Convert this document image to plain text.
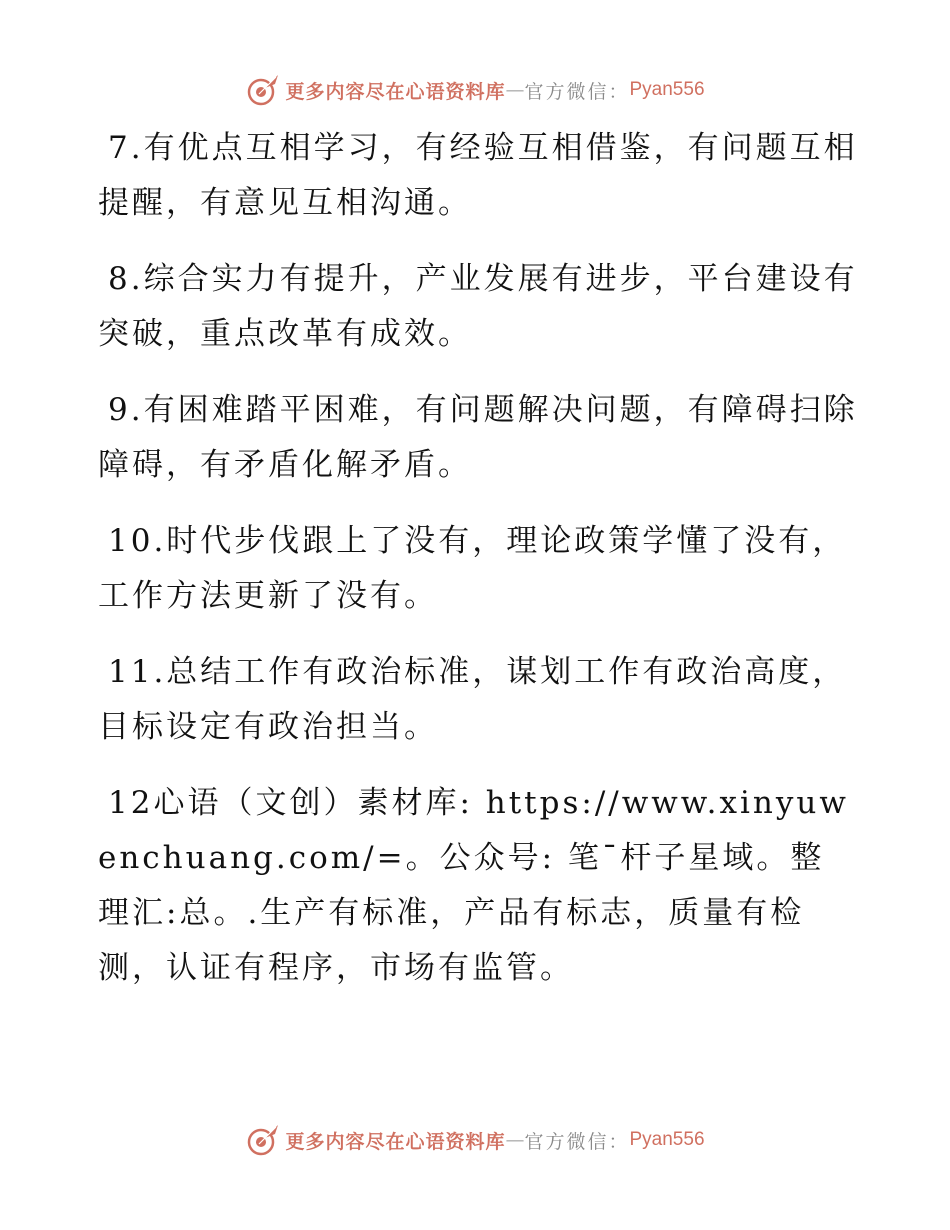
更多内容尽在心语资料库 — 官方微信： Pyan556

7.有优点互相学习，有经验互相借鉴，有问题互相提醒，有意见互相沟通。

8.综合实力有提升，产业发展有进步，平台建设有突破，重点改革有成效。

9.有困难踏平困难，有问题解决问题，有障碍扫除障碍，有矛盾化解矛盾。

10.时代步伐跟上了没有，理论政策学懂了没有，工作方法更新了没有。

11.总结工作有政治标准，谋划工作有政治高度，目标设定有政治担当。

12心语（文创）素材库: https://www.xinyuwenchuang.com/=。公众号: 笔¯杆子星域。整理汇:总。.生产有标准，产品有标志，质量有检测，认证有程序，市场有监管。

更多内容尽在心语资料库 — 官方微信： Pyan556
